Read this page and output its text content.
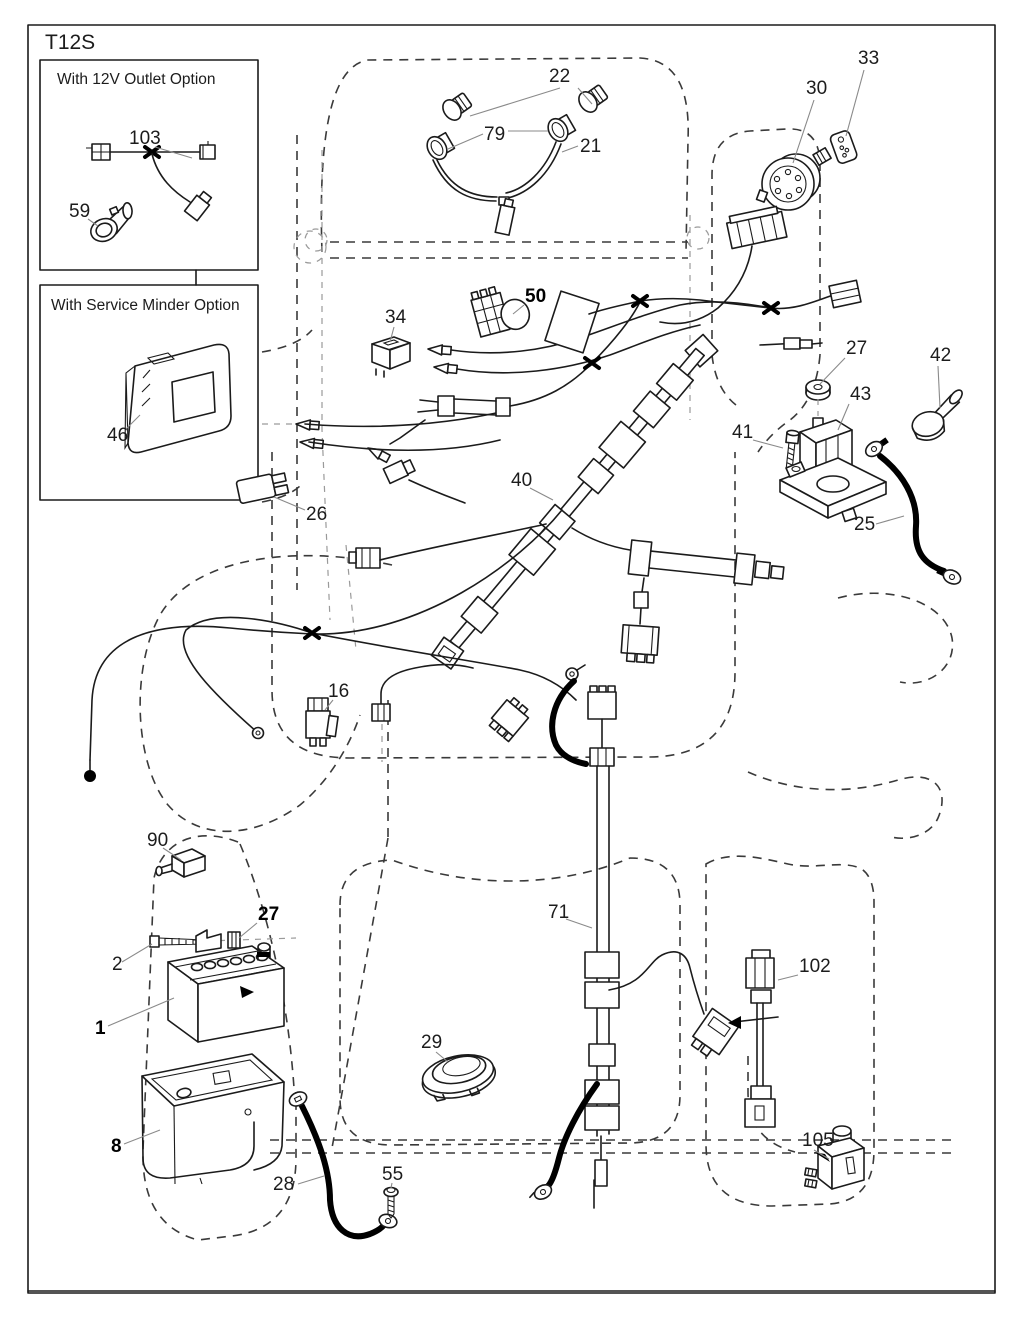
T12S
With 12V Outlet Option
103
59
With Service Minder Option
46
22
79
21
30
33
40
16
34
50
26
27	42
43
41
25
71
102
105
90
27
2
1
8
28	55
29
